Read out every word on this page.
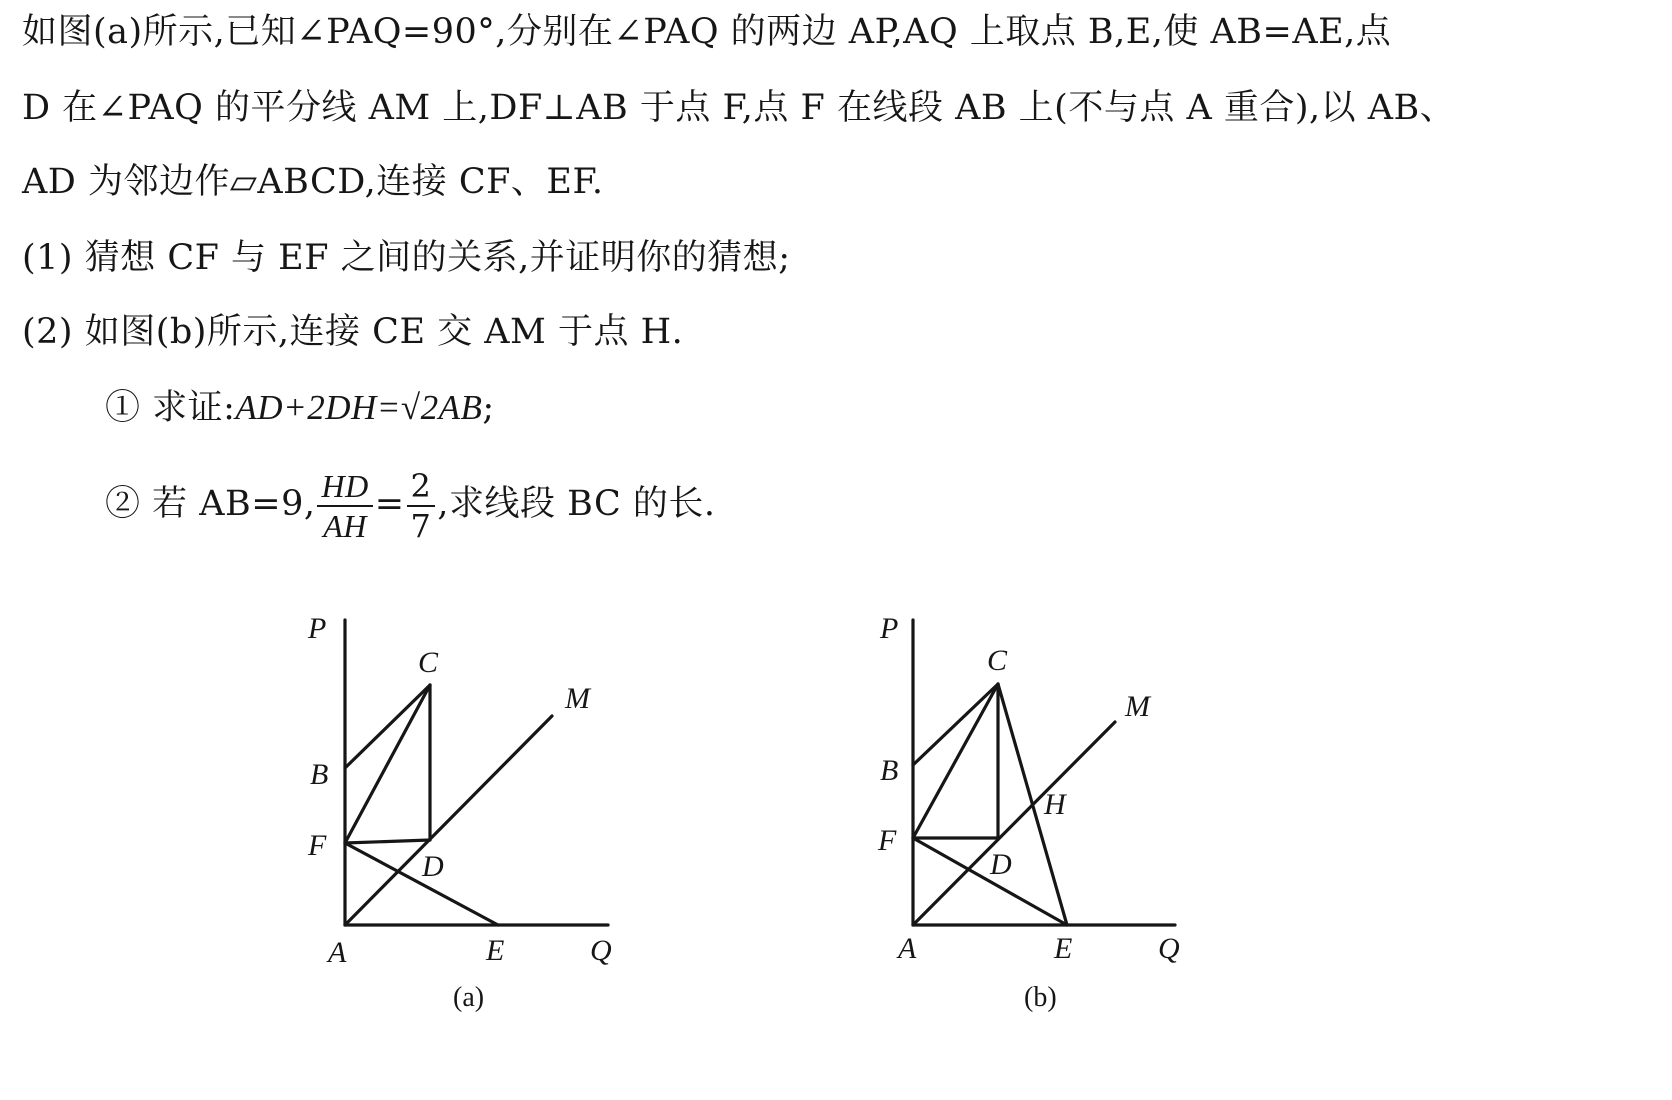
如图(a)所示,已知∠PAQ=90°,分别在∠PAQ 的两边 AP,AQ 上取点 B,E,使 AB=AE,点
D 在∠PAQ 的平分线 AM 上,DF⊥AB 于点 F,点 F 在线段 AB 上(不与点 A 重合),以 AB、
AD 为邻边作▱ABCD,连接 CF、EF.
(1) 猜想 CF 与 EF 之间的关系,并证明你的猜想;
(2) 如图(b)所示,连接 CE 交 AM 于点 H.
① 求证:AD+2DH=√2AB;
② 若 AB=9, $\frac{HD}{AH} = \frac{2}{7}$ ,求线段 BC 的长.
P
C
M
B
F
D
A	E	Q
(a)
P
C
M
B
H
F
D
A	E	Q
(b)
